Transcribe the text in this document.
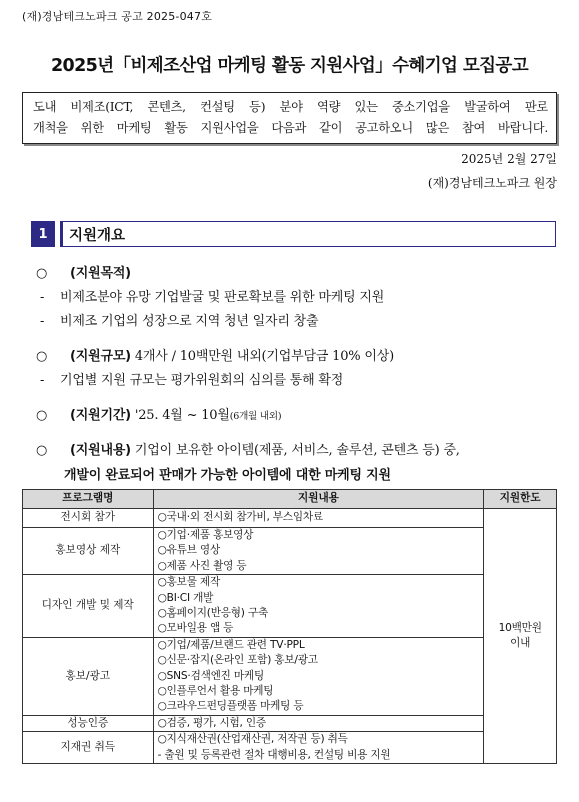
(재)경남테크노파크 공고 2025-047호
2025년「비제조산업 마케팅 활동 지원사업」수혜기업 모집공고
도내 비제조(ICT, 콘텐츠, 컨설팅 등) 분야 역량 있는 중소기업을 발굴하여 판로
개척을 위한 마케팅 활동 지원사업을 다음과 같이 공고하오니 많은 참여 바랍니다.
2025년 2월 27일
(재)경남테크노파크 원장
1	지원개요
○ (지원목적)
- 비제조분야 유망 기업발굴 및 판로확보를 위한 마케팅 지원
- 비제조 기업의 성장으로 지역 청년 일자리 창출
○ (지원규모) 4개사 / 10백만원 내외(기업부담금 10% 이상)
- 기업별 지원 규모는 평가위원회의 심의를 통해 확정
○ (지원기간) '25. 4월 ~ 10월(6개월 내외)
○ (지원내용) 기업이 보유한 아이템(제품, 서비스, 솔루션, 콘텐츠 등) 중,
개발이 완료되어 판매가 가능한 아이템에 대한 마케팅 지원
프로그램명	지원내용	지원한도
전시회 참가	○국내·외 전시회 참가비, 부스임차료	10백만원
이내

홍보영상 제작	○기업·제품 홍보영상
○유튜브 영상
○제품 사진 촬영 등	

디자인 개발 및 제작	○홍보물 제작
○BI·CI 개발
○홈페이지(반응형) 구축
○모바일용 앱 등	

홍보/광고	○기업/제품/브랜드 관련 TV·PPL
○신문·잡지(온라인 포함) 홍보/광고
○SNS·검색엔진 마케팅
○인플루언서 활용 마케팅
○크라우드펀딩플랫폼 마케팅 등	

성능인증	○검증, 평가, 시험, 인증	

지재권 취득	○지식재산권(산업재산권, 저작권 등) 취득
- 출원 및 등록관련 절차 대행비용, 컨설팅 비용 지원	
